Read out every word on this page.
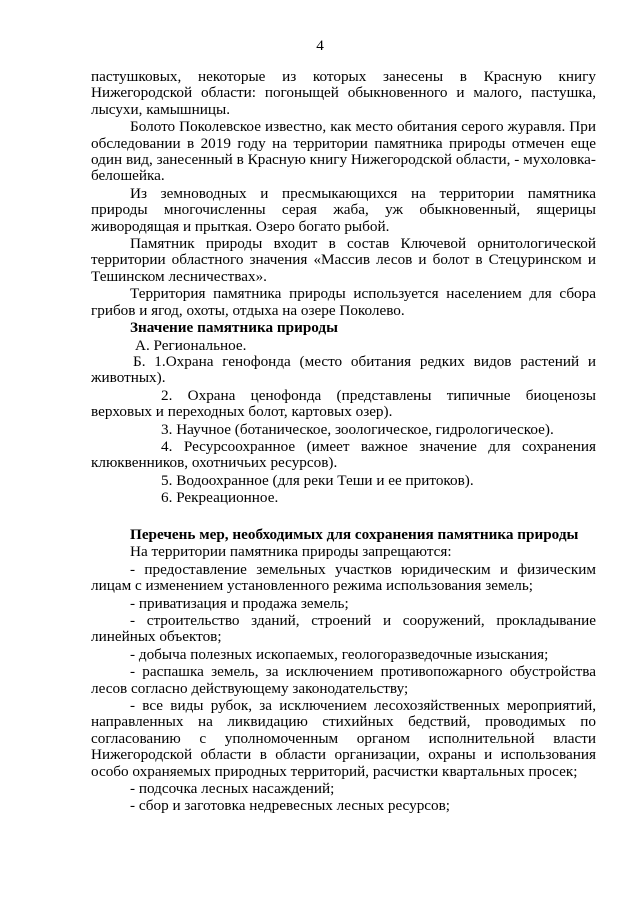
4

пастушковых, некоторые из которых занесены в Красную книгу Нижегородской области: погоныщей обыкновенного и малого, пастушка, лысухи, камышницы.

Болото Поколевское известно, как место обитания серого журавля. При обследовании в 2019 году на территории памятника природы отмечен еще один вид, занесенный в Красную книгу Нижегородской области, - мухоловка-белошейка.

Из земноводных и пресмыкающихся на территории памятника природы многочисленны серая жаба, уж обыкновенный, ящерицы живородящая и прыткая. Озеро богато рыбой.

Памятник природы входит в состав Ключевой орнитологической территории областного значения «Массив лесов и болот в Стецуринском и Тешинском лесничествах».

Территория памятника природы используется населением для сбора грибов и ягод, охоты, отдыха на озере Поколево.

Значение памятника природы

А. Региональное.

Б. 1.Охрана генофонда (место обитания редких видов растений и животных).

2. Охрана ценофонда (представлены типичные биоценозы верховых и переходных болот, картовых озер).

3. Научное (ботаническое, зоологическое, гидрологическое).

4. Ресурсоохранное (имеет важное значение для сохранения клюквенников, охотничьих ресурсов).

5. Водоохранное (для реки Теши и ее притоков).

6. Рекреационное.

Перечень мер, необходимых для сохранения памятника природы

На территории памятника природы запрещаются:

- предоставление земельных участков юридическим и физическим лицам с изменением установленного режима использования земель;

- приватизация и продажа земель;

- строительство зданий, строений и сооружений, прокладывание линейных объектов;

- добыча полезных ископаемых, геологоразведочные изыскания;

- распашка земель, за исключением противопожарного обустройства лесов согласно действующему законодательству;

- все виды рубок, за исключением лесохозяйственных мероприятий, направленных на ликвидацию стихийных бедствий, проводимых по согласованию с уполномоченным органом исполнительной власти Нижегородской области в области организации, охраны и использования особо охраняемых природных территорий, расчистки квартальных просек;

- подсочка лесных насаждений;

- сбор и заготовка недревесных лесных ресурсов;
